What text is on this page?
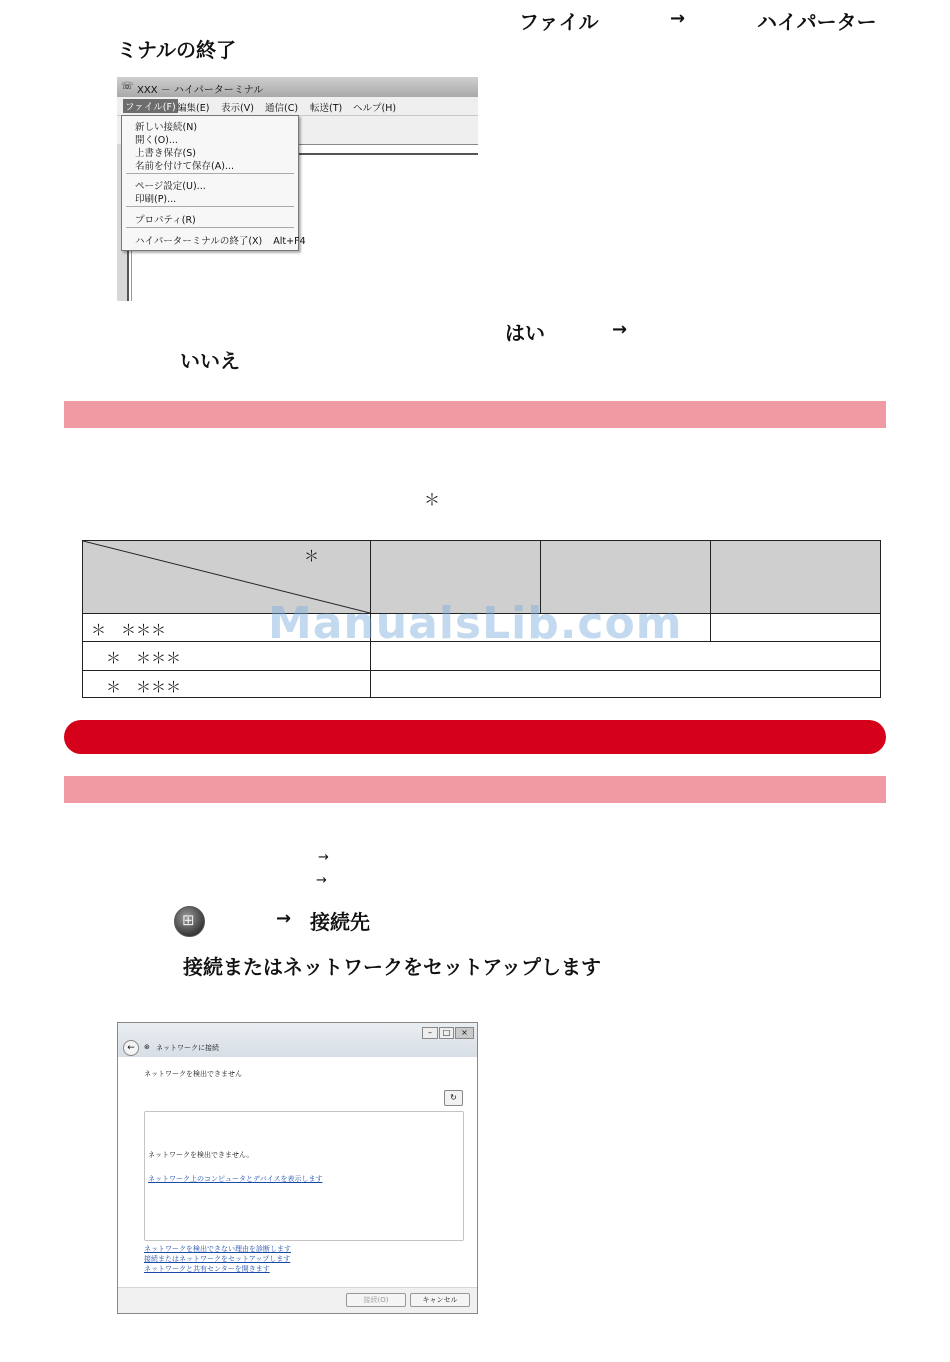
ファイル	→	ハイパーター
ミナルの終了
☏ XXX － ハイパーターミナル
ファイル(F) 編集(E) 表示(V) 通信(C) 転送(T) ヘルプ(H)
新しい接続(N)
開く(O)...
上書き保存(S)
名前を付けて保存(A)...
ページ設定(U)...
印刷(P)...
プロパティ(R)
ハイパーターミナルの終了(X) Alt+F4
はい	→
いいえ
＊
＊
＊　＊＊＊
　＊　＊＊＊
　＊　＊＊＊
ManualsLib.com
→
→
⊞	→ 接続先
接続またはネットワークをセットアップします
–	□	×
←	⊛ ネットワークに接続
ネットワークを検出できません
↻
ネットワークを検出できません。
ネットワーク上のコンピュータとデバイスを表示します
ネットワークを検出できない理由を診断します
接続またはネットワークをセットアップします
ネットワークと共有センターを開きます
接続(O)	キャンセル
